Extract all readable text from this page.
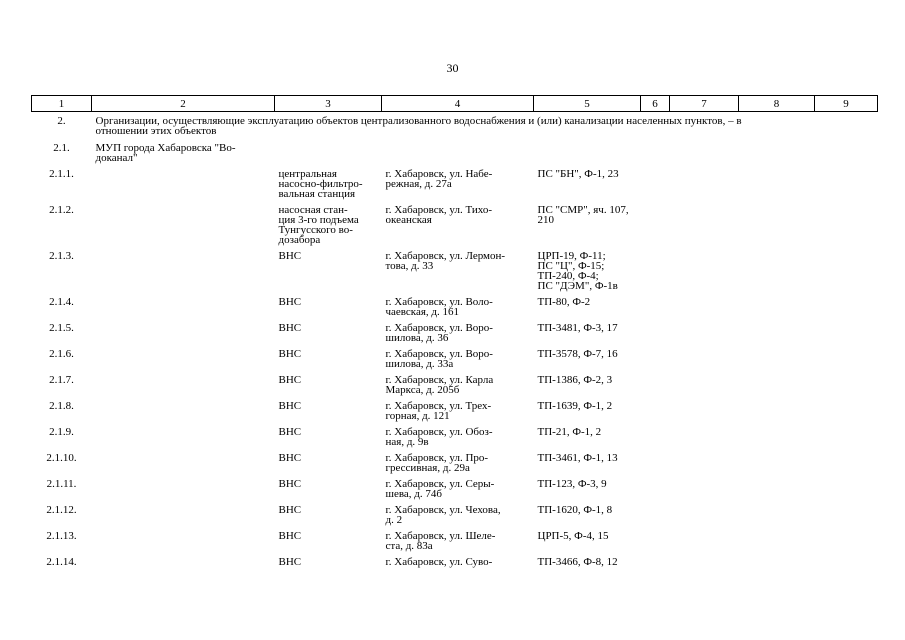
30
1	2	3	4	5	6	7	8	9
2.	Организации, осуществляющие эксплуатацию объектов централизованного водоснабжения и (или) канализации населенных пунктов, – в
отношении этих объектов							
2.1.	МУП города Хабаровска "Во-
доканал"							
2.1.1.		центральная
насосно-фильтро-
вальная станция	г. Хабаровск, ул. Набе-
режная, д. 27а	ПС "БН", Ф-1, 23				
2.1.2.		насосная стан-
ция 3-го подъема
Тунгусского во-
дозабора	г. Хабаровск, ул. Тихо-
океанская	ПС "СМР", яч. 107,
210				
2.1.3.		ВНС	г. Хабаровск, ул. Лермон-
това, д. 33	ЦРП-19, Ф-11;
ПС "Ц", Ф-15;
ТП-240, Ф-4;
ПС "ДЭМ", Ф-1в				
2.1.4.		ВНС	г. Хабаровск, ул. Воло-
чаевская, д. 161	ТП-80, Ф-2				
2.1.5.		ВНС	г. Хабаровск, ул. Воро-
шилова, д. 36	ТП-3481, Ф-3, 17				
2.1.6.		ВНС	г. Хабаровск, ул. Воро-
шилова, д. 33а	ТП-3578, Ф-7, 16				
2.1.7.		ВНС	г. Хабаровск, ул. Карла
Маркса, д. 205б	ТП-1386, Ф-2, 3				
2.1.8.		ВНС	г. Хабаровск, ул. Трех-
горная, д. 121	ТП-1639, Ф-1, 2				
2.1.9.		ВНС	г. Хабаровск, ул. Обоз-
ная, д. 9в	ТП-21, Ф-1, 2				
2.1.10.		ВНС	г. Хабаровск, ул. Про-
грессивная, д. 29а	ТП-3461, Ф-1, 13				
2.1.11.		ВНС	г. Хабаровск, ул. Серы-
шева, д. 74б	ТП-123, Ф-3, 9				
2.1.12.		ВНС	г. Хабаровск, ул. Чехова,
д. 2	ТП-1620, Ф-1, 8				
2.1.13.		ВНС	г. Хабаровск, ул. Шеле-
ста, д. 83а	ЦРП-5, Ф-4, 15				
2.1.14.		ВНС	г. Хабаровск, ул. Суво-	ТП-3466, Ф-8, 12				
